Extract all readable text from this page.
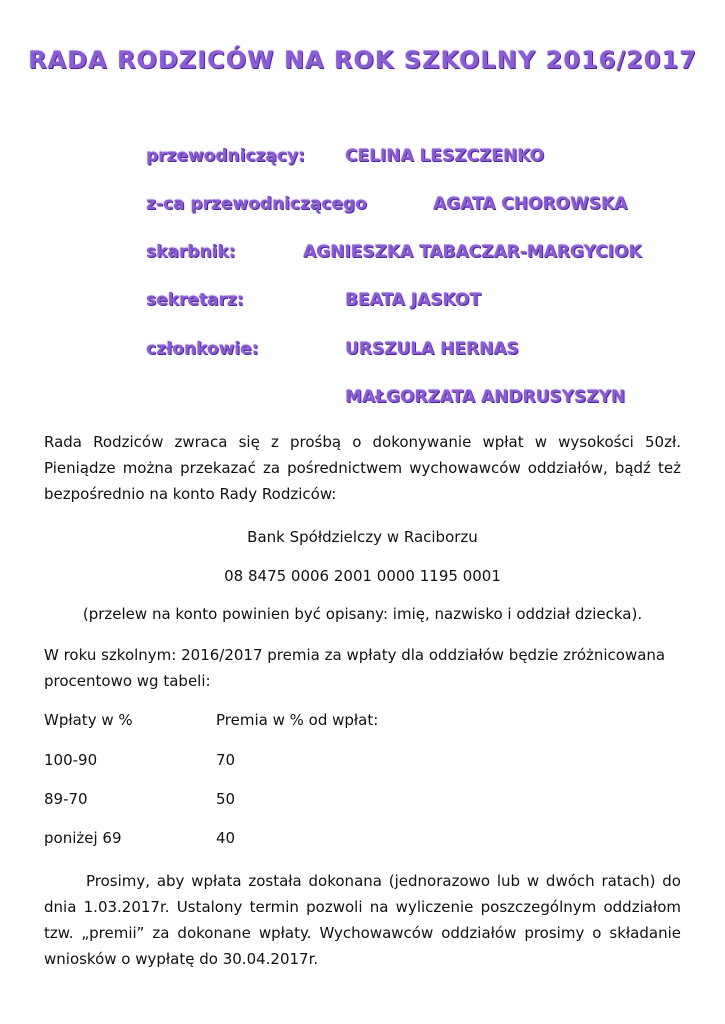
RADA RODZICÓW NA ROK SZKOLNY 2016/2017
przewodniczący: CELINA LESZCZENKO
z-ca przewodniczącego	AGATA CHOROWSKA
skarbnik:	AGNIESZKA TABACZAR-MARGYCIOK
sekretarz:	BEATA JASKOT
członkowie:	URSZULA HERNAS
MAŁGORZATA ANDRUSYSZYN
Rada Rodziców zwraca się z prośbą o dokonywanie wpłat w wysokości 50zł. Pieniądze można przekazać za pośrednictwem wychowawców oddziałów, bądź też bezpośrednio na konto Rady Rodziców:
Bank Spółdzielczy w Raciborzu
08 8475 0006 2001 0000 1195 0001
(przelew na konto powinien być opisany: imię, nazwisko i oddział dziecka).
W roku szkolnym: 2016/2017 premia za wpłaty dla oddziałów będzie zróżnicowana procentowo wg tabeli:
Wpłaty w %	Premia w % od wpłat:
100-90	70
89-70	50
poniżej 69	40
Prosimy, aby wpłata została dokonana (jednorazowo lub w dwóch ratach) do dnia 1.03.2017r. Ustalony termin pozwoli na wyliczenie poszczególnym oddziałom tzw. „premii” za dokonane wpłaty. Wychowawców oddziałów prosimy o składanie wniosków o wypłatę do 30.04.2017r.
